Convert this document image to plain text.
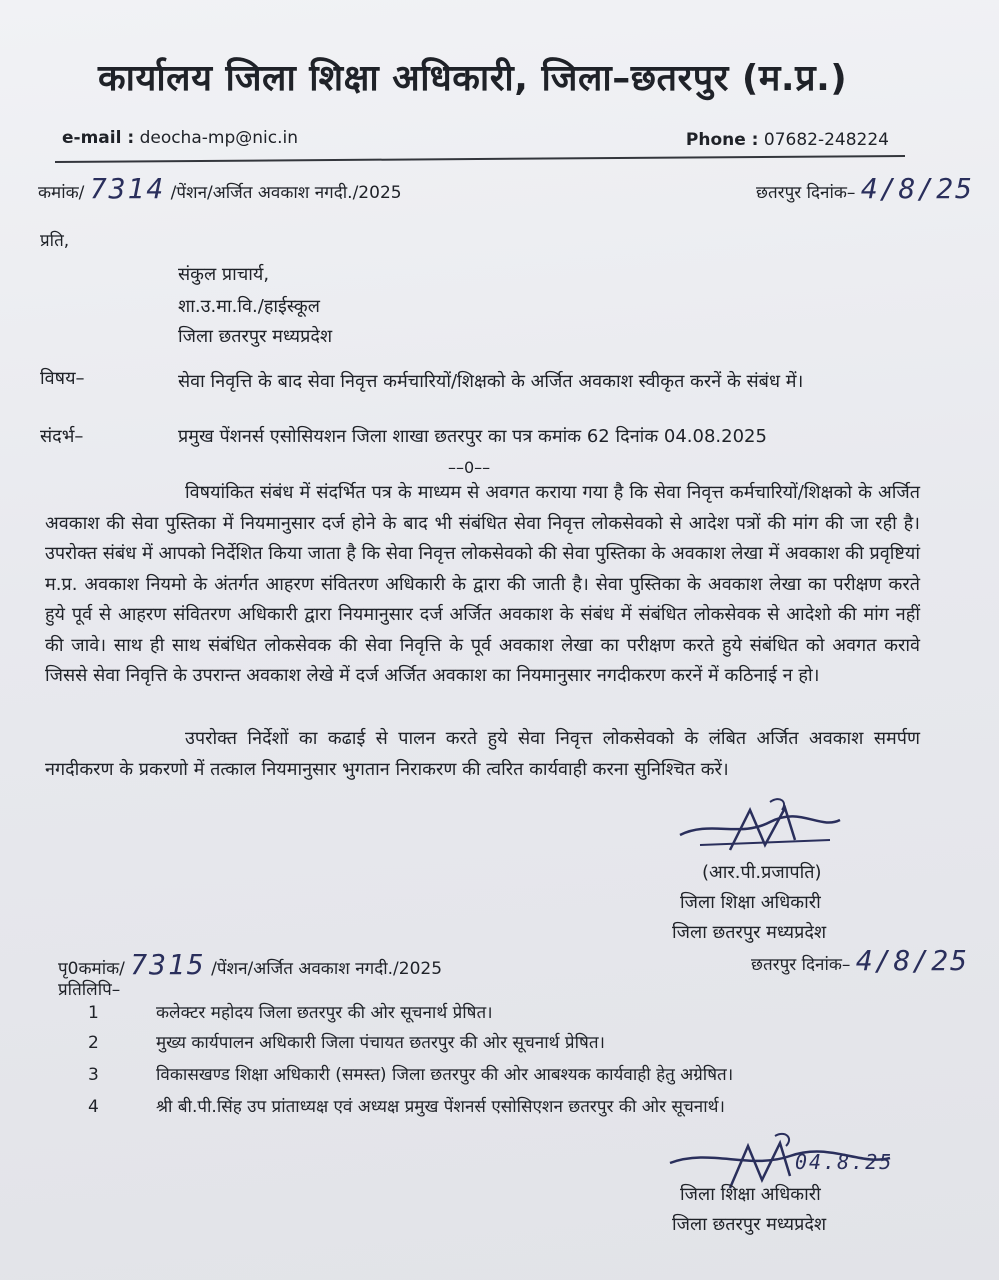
कार्यालय जिला शिक्षा अधिकारी, जिला–छतरपुर (म.प्र.)
e-mail : deocha-mp@nic.in	Phone : 07682-248224
कमांक/ 7314 /पेंशन/अर्जित अवकाश नगदी./2025	छतरपुर दिनांक– 4/8/25
प्रति,
संकुल प्राचार्य,
शा.उ.मा.वि./हाईस्कूल
जिला छतरपुर मध्यप्रदेश
विषय–	सेवा निवृत्ति के बाद सेवा निवृत्त कर्मचारियों/शिक्षको के अर्जित अवकाश स्वीकृत करनें के संबंध में।
संदर्भ–	प्रमुख पेंशनर्स एसोसियशन जिला शाखा छतरपुर का पत्र कमांक 62 दिनांक 04.08.2025
––0––
विषयांकित संबंध में संदर्भित पत्र के माध्यम से अवगत कराया गया है कि सेवा निवृत्त कर्मचारियों/शिक्षको के अर्जित अवकाश की सेवा पुस्तिका में नियमानुसार दर्ज होने के बाद भी संबंधित सेवा निवृत्त लोकसेवको से आदेश पत्रों की मांग की जा रही है। उपरोक्त संबंध में आपको निर्देशित किया जाता है कि सेवा निवृत्त लोकसेवको की सेवा पुस्तिका के अवकाश लेखा में अवकाश की प्रवृष्टियां म.प्र. अवकाश नियमो के अंतर्गत आहरण संवितरण अधिकारी के द्वारा की जाती है। सेवा पुस्तिका के अवकाश लेखा का परीक्षण करते हुये पूर्व से आहरण संवितरण अधिकारी द्वारा नियमानुसार दर्ज अर्जित अवकाश के संबंध में संबंधित लोकसेवक से आदेशो की मांग नहीं की जावे। साथ ही साथ संबंधित लोकसेवक की सेवा निवृत्ति के पूर्व अवकाश लेखा का परीक्षण करते हुये संबंधित को अवगत करावे जिससे सेवा निवृत्ति के उपरान्त अवकाश लेखे में दर्ज अर्जित अवकाश का नियमानुसार नगदीकरण करनें में कठिनाई न हो।
उपरोक्त निर्देशों का कढाई से पालन करते हुये सेवा निवृत्त लोकसेवको के लंबित अर्जित अवकाश समर्पण नगदीकरण के प्रकरणो में तत्काल नियमानुसार भुगतान निराकरण की त्वरित कार्यवाही करना सुनिश्चित करें।
(आर.पी.प्रजापति)
जिला शिक्षा अधिकारी
जिला छतरपुर मध्यप्रदेश
पृ0कमांक/ 7315 /पेंशन/अर्जित अवकाश नगदी./2025	छतरपुर दिनांक– 4/8/25
प्रतिलिपि–
1	कलेक्टर महोदय जिला छतरपुर की ओर सूचनार्थ प्रेषित।
2	मुख्य कार्यपालन अधिकारी जिला पंचायत छतरपुर की ओर सूचनार्थ प्रेषित।
3	विकासखण्ड शिक्षा अधिकारी (समस्त) जिला छतरपुर की ओर आबश्यक कार्यवाही हेतु अग्रेषित।
4	श्री बी.पी.सिंह उप प्रांताध्यक्ष एवं अध्यक्ष प्रमुख पेंशनर्स एसोसिएशन छतरपुर की ओर सूचनार्थ।
04.8.25
जिला शिक्षा अधिकारी
जिला छतरपुर मध्यप्रदेश
